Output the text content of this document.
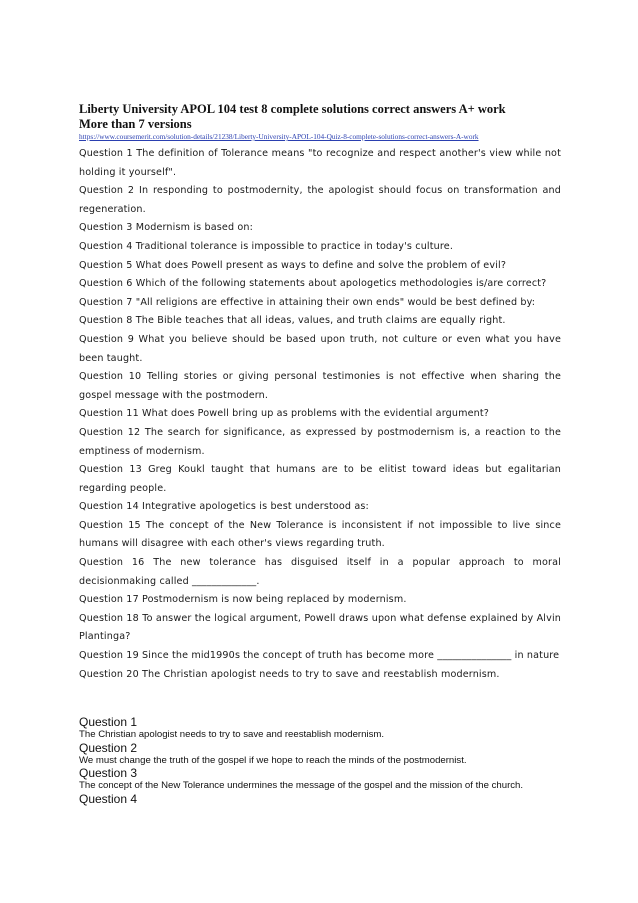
Liberty University APOL 104 test 8 complete solutions correct answers A+ work
More than 7 versions
https://www.coursemerit.com/solution-details/21238/Liberty-University-APOL-104-Quiz-8-complete-solutions-correct-answers-A-work

Question 1 The definition of Tolerance means "to recognize and respect another's view while not holding it yourself".

Question 2 In responding to postmodernity, the apologist should focus on transformation and regeneration.

Question 3 Modernism is based on:

Question 4 Traditional tolerance is impossible to practice in today's culture.

Question 5 What does Powell present as ways to define and solve the problem of evil?

Question 6 Which of the following statements about apologetics methodologies is/are correct?

Question 7 "All religions are effective in attaining their own ends" would be best defined by:

Question 8 The Bible teaches that all ideas, values, and truth claims are equally right.

Question 9 What you believe should be based upon truth, not culture or even what you have been taught.

Question 10 Telling stories or giving personal testimonies is not effective when sharing the gospel message with the postmodern.

Question 11 What does Powell bring up as problems with the evidential argument?

Question 12 The search for significance, as expressed by postmodernism is, a reaction to the emptiness of modernism.

Question 13 Greg Koukl taught that humans are to be elitist toward ideas but egalitarian regarding people.

Question 14 Integrative apologetics is best understood as:

Question 15 The concept of the New Tolerance is inconsistent if not impossible to live since humans will disagree with each other's views regarding truth.

Question 16 The new tolerance has disguised itself in a popular approach to moral decisionmaking called _____________.

Question 17 Postmodernism is now being replaced by modernism.

Question 18 To answer the logical argument, Powell draws upon what defense explained by Alvin Plantinga?

Question 19 Since the mid1990s the concept of truth has become more _______________ in nature

Question 20 The Christian apologist needs to try to save and reestablish modernism.

Question 1
The Christian apologist needs to try to save and reestablish modernism.
Question 2
We must change the truth of the gospel if we hope to reach the minds of the postmodernist.
Question 3
The concept of the New Tolerance undermines the message of the gospel and the mission of the church.
Question 4
